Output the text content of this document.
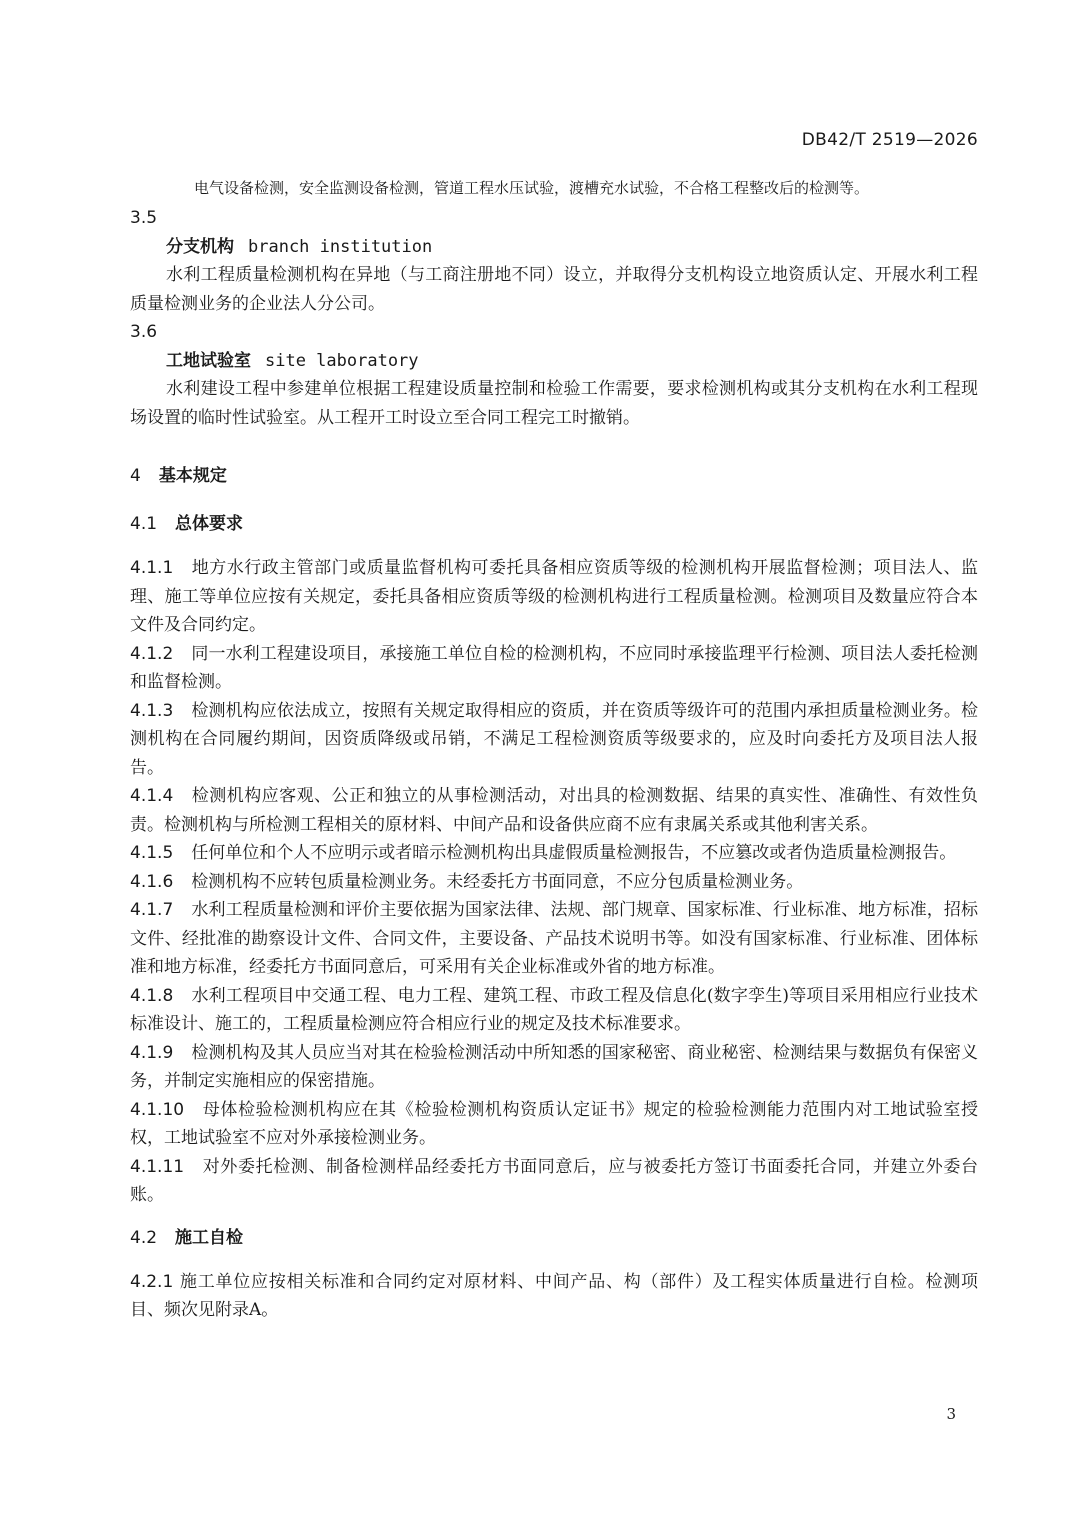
DB42/T 2519—2026

电气设备检测，安全监测设备检测，管道工程水压试验，渡槽充水试验，不合格工程整改后的检测等。

3.5

分支机构 branch institution

水利工程质量检测机构在异地（与工商注册地不同）设立，并取得分支机构设立地资质认定、开展水利工程质量检测业务的企业法人分公司。

3.6

工地试验室 site laboratory

水利建设工程中参建单位根据工程建设质量控制和检验工作需要，要求检测机构或其分支机构在水利工程现场设置的临时性试验室。从工程开工时设立至合同工程完工时撤销。

4 基本规定

4.1 总体要求

4.1.1 地方水行政主管部门或质量监督机构可委托具备相应资质等级的检测机构开展监督检测；项目法人、监理、施工等单位应按有关规定，委托具备相应资质等级的检测机构进行工程质量检测。检测项目及数量应符合本文件及合同约定。

4.1.2 同一水利工程建设项目，承接施工单位自检的检测机构，不应同时承接监理平行检测、项目法人委托检测和监督检测。

4.1.3 检测机构应依法成立，按照有关规定取得相应的资质，并在资质等级许可的范围内承担质量检测业务。检测机构在合同履约期间，因资质降级或吊销，不满足工程检测资质等级要求的，应及时向委托方及项目法人报告。

4.1.4 检测机构应客观、公正和独立的从事检测活动，对出具的检测数据、结果的真实性、准确性、有效性负责。检测机构与所检测工程相关的原材料、中间产品和设备供应商不应有隶属关系或其他利害关系。

4.1.5 任何单位和个人不应明示或者暗示检测机构出具虚假质量检测报告，不应篡改或者伪造质量检测报告。

4.1.6 检测机构不应转包质量检测业务。未经委托方书面同意，不应分包质量检测业务。

4.1.7 水利工程质量检测和评价主要依据为国家法律、法规、部门规章、国家标准、行业标准、地方标准，招标文件、经批准的勘察设计文件、合同文件，主要设备、产品技术说明书等。如没有国家标准、行业标准、团体标准和地方标准，经委托方书面同意后，可采用有关企业标准或外省的地方标准。

4.1.8 水利工程项目中交通工程、电力工程、建筑工程、市政工程及信息化(数字孪生)等项目采用相应行业技术标准设计、施工的，工程质量检测应符合相应行业的规定及技术标准要求。

4.1.9 检测机构及其人员应当对其在检验检测活动中所知悉的国家秘密、商业秘密、检测结果与数据负有保密义务，并制定实施相应的保密措施。

4.1.10 母体检验检测机构应在其《检验检测机构资质认定证书》规定的检验检测能力范围内对工地试验室授权，工地试验室不应对外承接检测业务。

4.1.11 对外委托检测、制备检测样品经委托方书面同意后，应与被委托方签订书面委托合同，并建立外委台账。

4.2 施工自检

4.2.1 施工单位应按相关标准和合同约定对原材料、中间产品、构（部件）及工程实体质量进行自检。检测项目、频次见附录A。

3
